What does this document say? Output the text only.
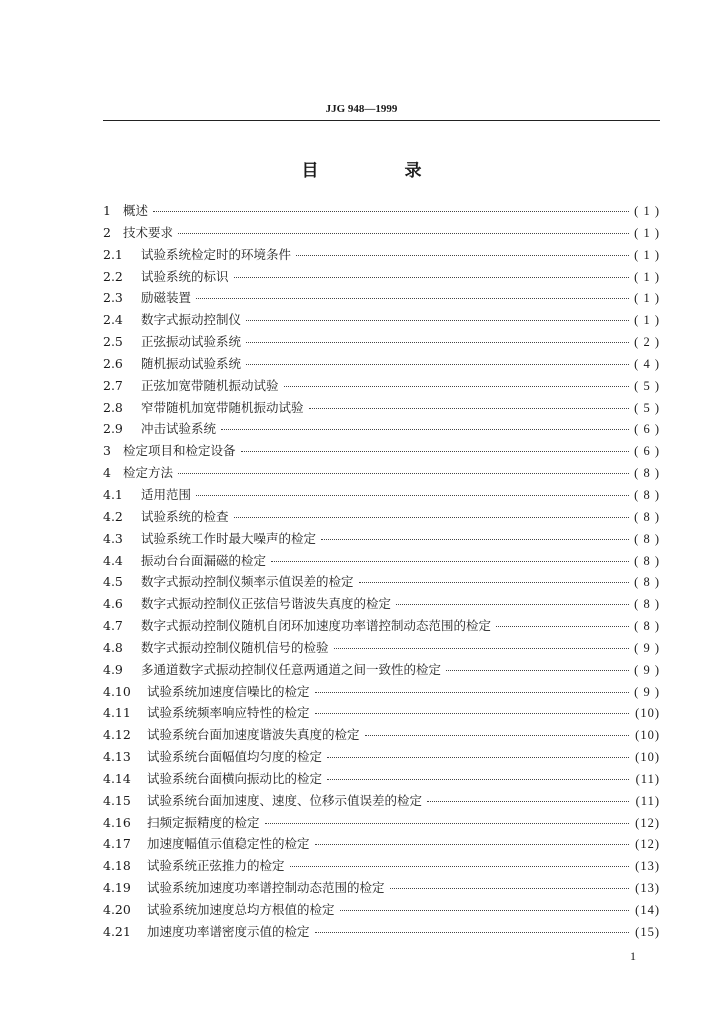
JJG 948—1999
目 录
1 概述	( 1 )
2 技术要求	( 1 )
2.1	试验系统检定时的环境条件	( 1 )
2.2	试验系统的标识	( 1 )
2.3	励磁装置	( 1 )
2.4	数字式振动控制仪	( 1 )
2.5	正弦振动试验系统	( 2 )
2.6	随机振动试验系统	( 4 )
2.7	正弦加宽带随机振动试验	( 5 )
2.8	窄带随机加宽带随机振动试验	( 5 )
2.9	冲击试验系统	( 6 )
3 检定项目和检定设备	( 6 )
4 检定方法	( 8 )
4.1	适用范围	( 8 )
4.2	试验系统的检查	( 8 )
4.3	试验系统工作时最大噪声的检定	( 8 )
4.4	振动台台面漏磁的检定	( 8 )
4.5	数字式振动控制仪频率示值误差的检定	( 8 )
4.6	数字式振动控制仪正弦信号谐波失真度的检定	( 8 )
4.7	数字式振动控制仪随机自闭环加速度功率谱控制动态范围的检定	( 8 )
4.8	数字式振动控制仪随机信号的检验	( 9 )
4.9	多通道数字式振动控制仪任意两通道之间一致性的检定	( 9 )
4.10	试验系统加速度信噪比的检定	( 9 )
4.11	试验系统频率响应特性的检定	(10)
4.12	试验系统台面加速度谐波失真度的检定	(10)
4.13	试验系统台面幅值均匀度的检定	(10)
4.14	试验系统台面横向振动比的检定	(11)
4.15	试验系统台面加速度、速度、位移示值误差的检定	(11)
4.16	扫频定振精度的检定	(12)
4.17	加速度幅值示值稳定性的检定	(12)
4.18	试验系统正弦推力的检定	(13)
4.19	试验系统加速度功率谱控制动态范围的检定	(13)
4.20	试验系统加速度总均方根值的检定	(14)
4.21	加速度功率谱密度示值的检定	(15)
1
